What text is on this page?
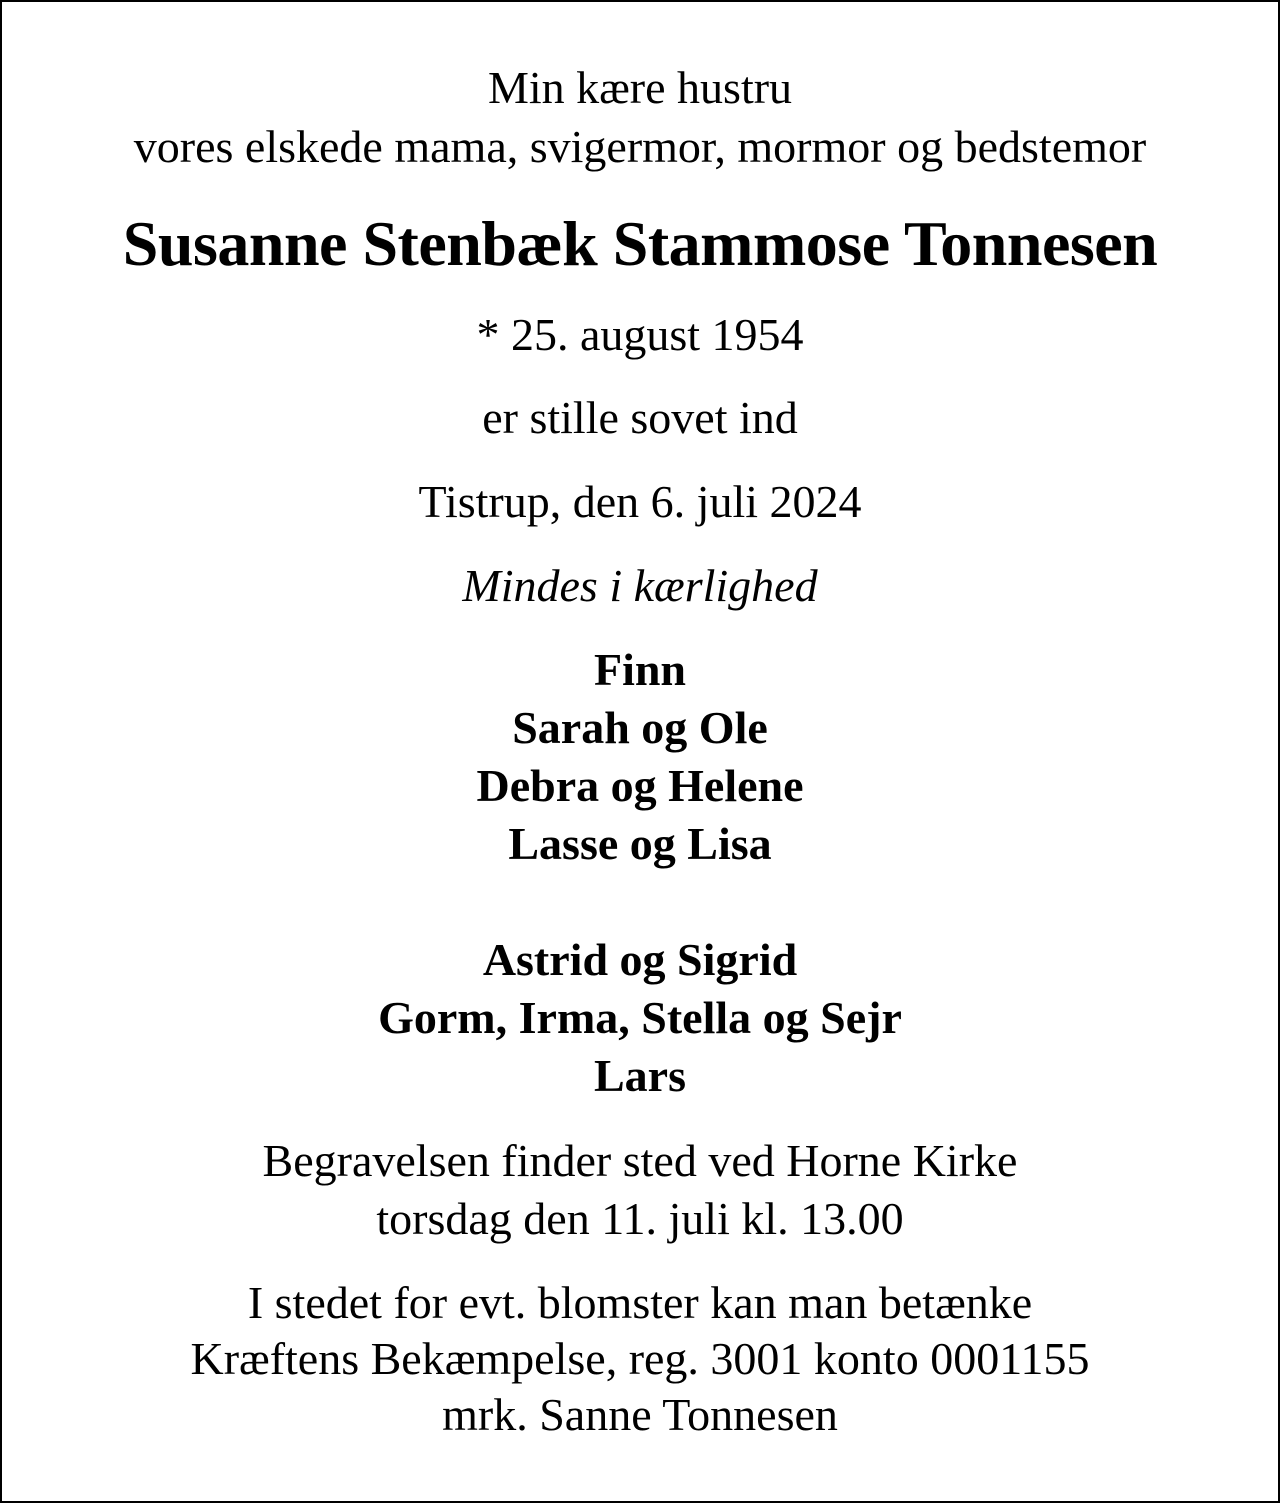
Min kære hustru
vores elskede mama, svigermor, mormor og bedstemor
Susanne Stenbæk Stammose Tonnesen
* 25. august 1954
er stille sovet ind
Tistrup, den 6. juli 2024
Mindes i kærlighed
Finn
Sarah og Ole
Debra og Helene
Lasse og Lisa
Astrid og Sigrid
Gorm, Irma, Stella og Sejr
Lars
Begravelsen finder sted ved Horne Kirke
torsdag den 11. juli kl. 13.00
I stedet for evt. blomster kan man betænke
Kræftens Bekæmpelse, reg. 3001 konto 0001155
mrk. Sanne Tonnesen
